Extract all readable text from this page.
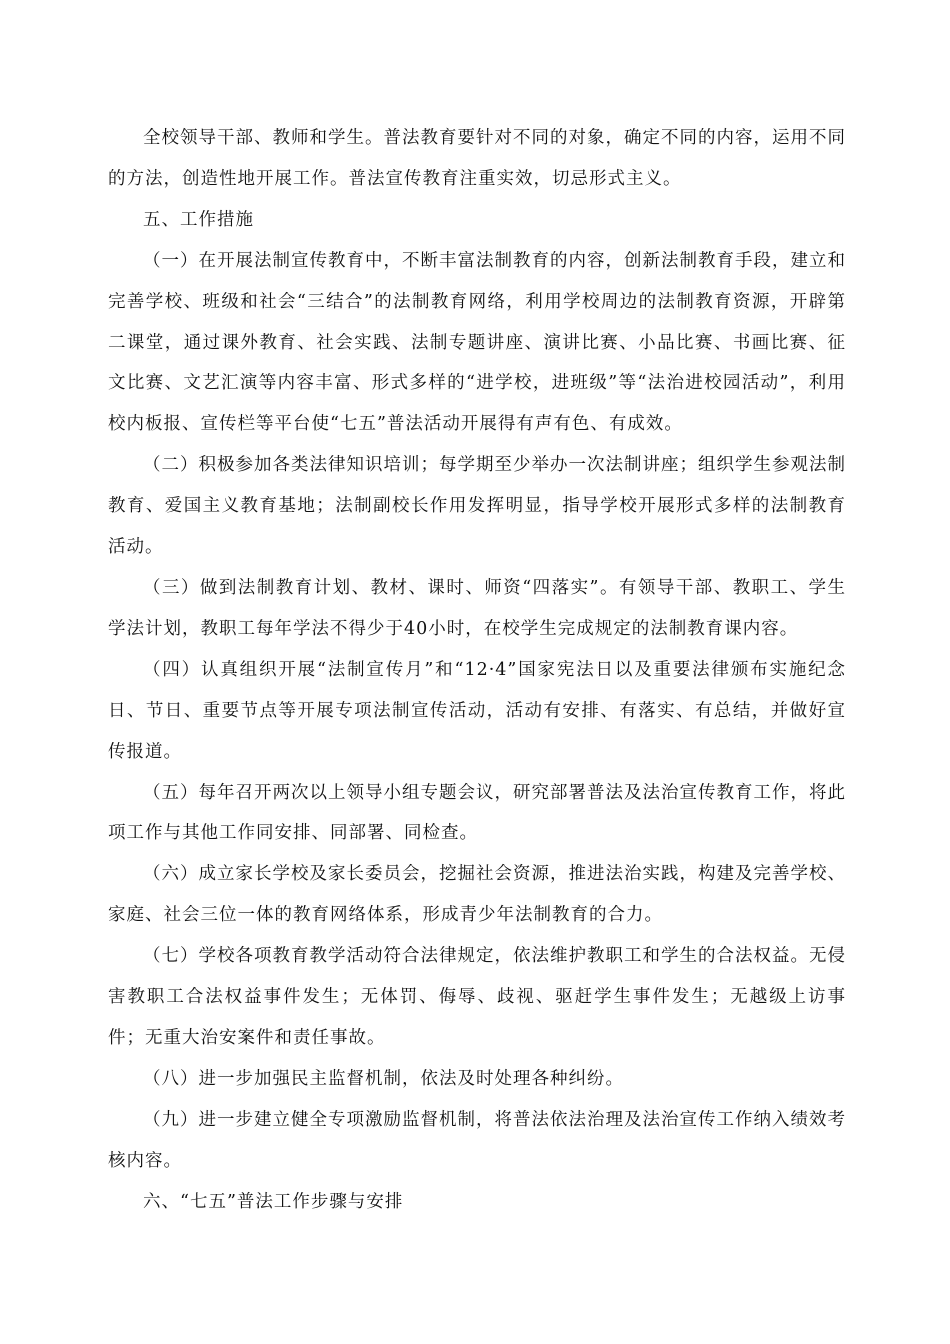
全校领导干部、教师和学生。普法教育要针对不同的对象，确定不同的内容，运用不同的方法，创造性地开展工作。普法宣传教育注重实效，切忌形式主义。

五、工作措施

（一）在开展法制宣传教育中，不断丰富法制教育的内容，创新法制教育手段，建立和完善学校、班级和社会“三结合”的法制教育网络，利用学校周边的法制教育资源，开辟第二课堂，通过课外教育、社会实践、法制专题讲座、演讲比赛、小品比赛、书画比赛、征文比赛、文艺汇演等内容丰富、形式多样的“进学校，进班级”等“法治进校园活动”，利用校内板报、宣传栏等平台使“七五”普法活动开展得有声有色、有成效。

（二）积极参加各类法律知识培训；每学期至少举办一次法制讲座；组织学生参观法制教育、爱国主义教育基地；法制副校长作用发挥明显，指导学校开展形式多样的法制教育活动。

（三）做到法制教育计划、教材、课时、师资“四落实”。有领导干部、教职工、学生学法计划，教职工每年学法不得少于40小时，在校学生完成规定的法制教育课内容。

（四）认真组织开展“法制宣传月”和“12·4”国家宪法日以及重要法律颁布实施纪念日、节日、重要节点等开展专项法制宣传活动，活动有安排、有落实、有总结，并做好宣传报道。

（五）每年召开两次以上领导小组专题会议，研究部署普法及法治宣传教育工作，将此项工作与其他工作同安排、同部署、同检查。

（六）成立家长学校及家长委员会，挖掘社会资源，推进法治实践，构建及完善学校、家庭、社会三位一体的教育网络体系，形成青少年法制教育的合力。

（七）学校各项教育教学活动符合法律规定，依法维护教职工和学生的合法权益。无侵害教职工合法权益事件发生；无体罚、侮辱、歧视、驱赶学生事件发生；无越级上访事件；无重大治安案件和责任事故。

（八）进一步加强民主监督机制，依法及时处理各种纠纷。

（九）进一步建立健全专项激励监督机制，将普法依法治理及法治宣传工作纳入绩效考核内容。

六、“七五”普法工作步骤与安排
